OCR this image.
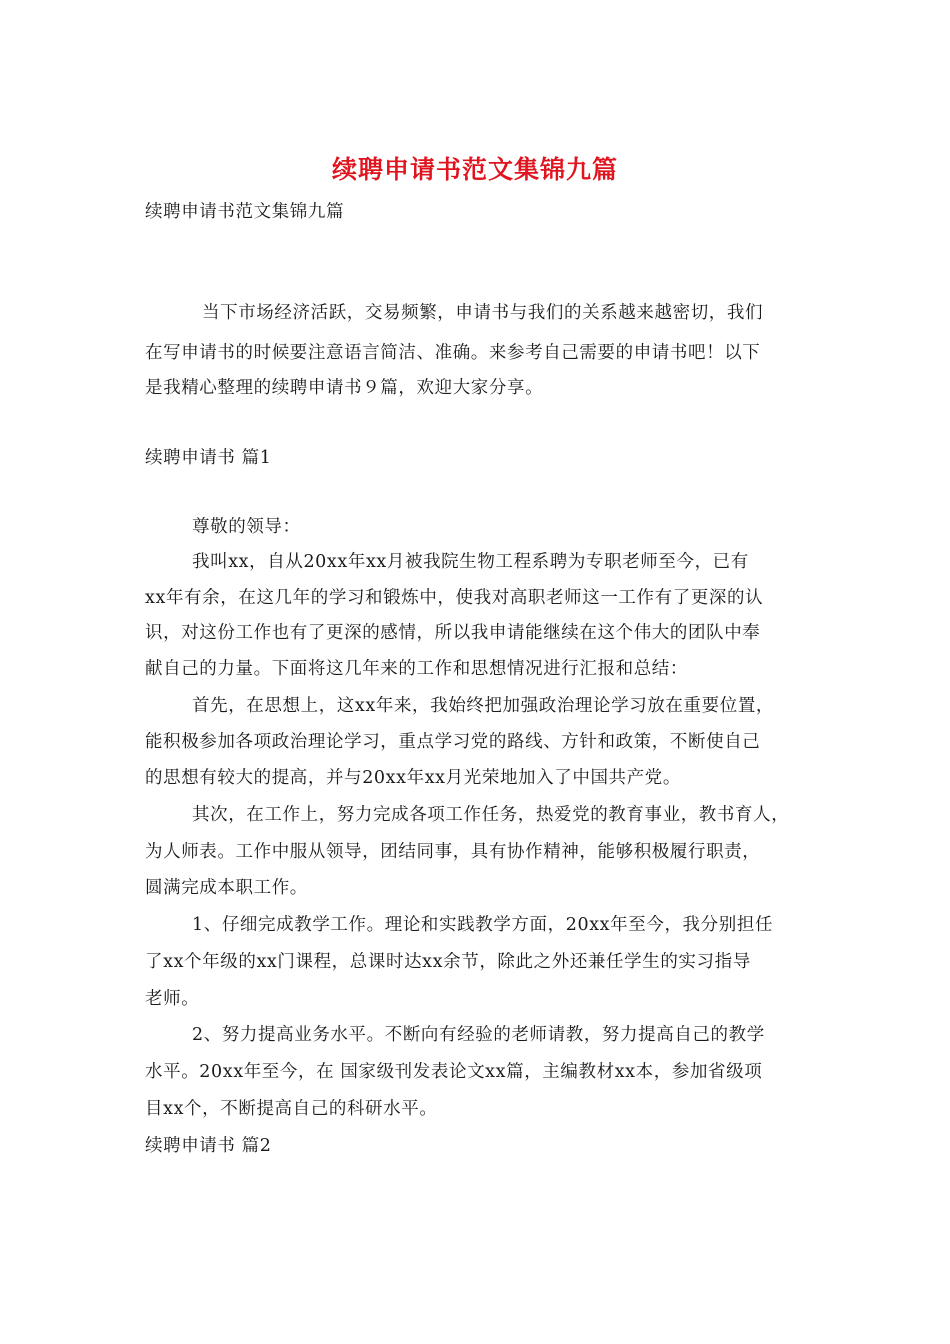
续聘申请书范文集锦九篇
续聘申请书范文集锦九篇
当下市场经济活跃，交易频繁，申请书与我们的关系越来越密切，我们
在写申请书的时候要注意语言简洁、准确。来参考自己需要的申请书吧！以下
是我精心整理的续聘申请书９篇，欢迎大家分享。
续聘申请书 篇1
尊敬的领导：
我叫xx，自从20xx年xx月被我院生物工程系聘为专职老师至今，已有
xx年有余，在这几年的学习和锻炼中，使我对高职老师这一工作有了更深的认
识，对这份工作也有了更深的感情，所以我申请能继续在这个伟大的团队中奉
献自己的力量。下面将这几年来的工作和思想情况进行汇报和总结：
首先，在思想上，这xx年来，我始终把加强政治理论学习放在重要位置，
能积极参加各项政治理论学习，重点学习党的路线、方针和政策，不断使自己
的思想有较大的提高，并与20xx年xx月光荣地加入了中国共产党。
其次，在工作上，努力完成各项工作任务，热爱党的教育事业，教书育人，
为人师表。工作中服从领导，团结同事，具有协作精神，能够积极履行职责，
圆满完成本职工作。
1、仔细完成教学工作。理论和实践教学方面，20xx年至今，我分别担任
了xx个年级的xx门课程，总课时达xx余节，除此之外还兼任学生的实习指导
老师。
2、努力提高业务水平。不断向有经验的老师请教，努力提高自己的教学
水平。20xx年至今，在 国家级刊发表论文xx篇，主编教材xx本，参加省级项
目xx个，不断提高自己的科研水平。
续聘申请书 篇2
